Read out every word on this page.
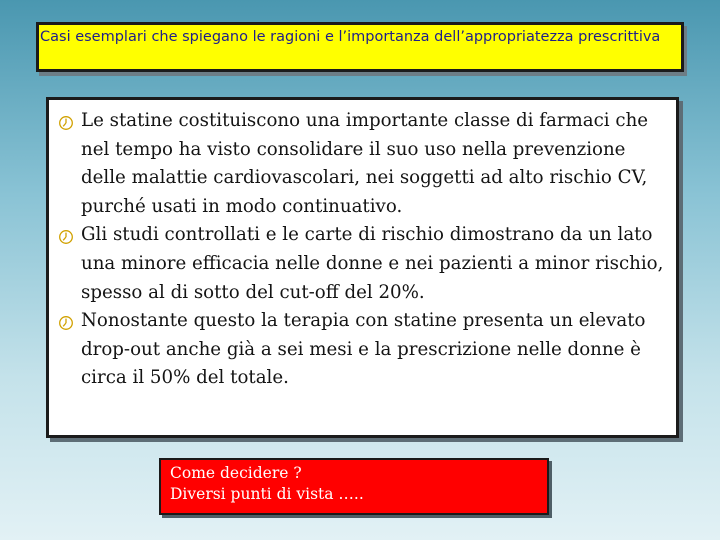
Casi esemplari che spiegano le ragioni e l’importanza dell’appropriatezza prescrittiva
Le statine costituiscono una importante classe di farmaci che nel tempo ha visto consolidare il suo uso nella prevenzione delle malattie cardiovascolari, nei soggetti ad alto rischio CV, purché usati in modo continuativo.
Gli studi controllati e le carte di rischio dimostrano da un lato una minore efficacia nelle donne e nei pazienti a minor rischio, spesso al di sotto del cut-off del 20%.
Nonostante questo la terapia con statine presenta un elevato drop-out anche già a sei mesi e la prescrizione nelle donne è circa il 50% del totale.
Come decidere ?
Diversi punti di vista …..
